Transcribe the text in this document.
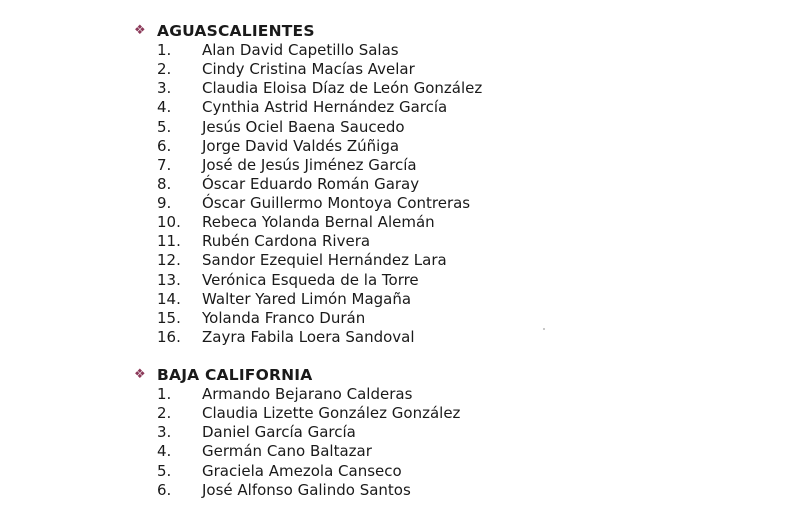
❖ AGUASCALIENTES
1. Alan David Capetillo Salas
2. Cindy Cristina Macías Avelar
3. Claudia Eloisa Díaz de León González
4. Cynthia Astrid Hernández García
5. Jesús Ociel Baena Saucedo
6. Jorge David Valdés Zúñiga
7. José de Jesús Jiménez García
8. Óscar Eduardo Román Garay
9. Óscar Guillermo Montoya Contreras
10. Rebeca Yolanda Bernal Alemán
11. Rubén Cardona Rivera
12. Sandor Ezequiel Hernández Lara
13. Verónica Esqueda de la Torre
14. Walter Yared Limón Magaña
15. Yolanda Franco Durán
16. Zayra Fabila Loera Sandoval
❖ BAJA CALIFORNIA
1. Armando Bejarano Calderas
2. Claudia Lizette González González
3. Daniel García García
4. Germán Cano Baltazar
5. Graciela Amezola Canseco
6. José Alfonso Galindo Santos
